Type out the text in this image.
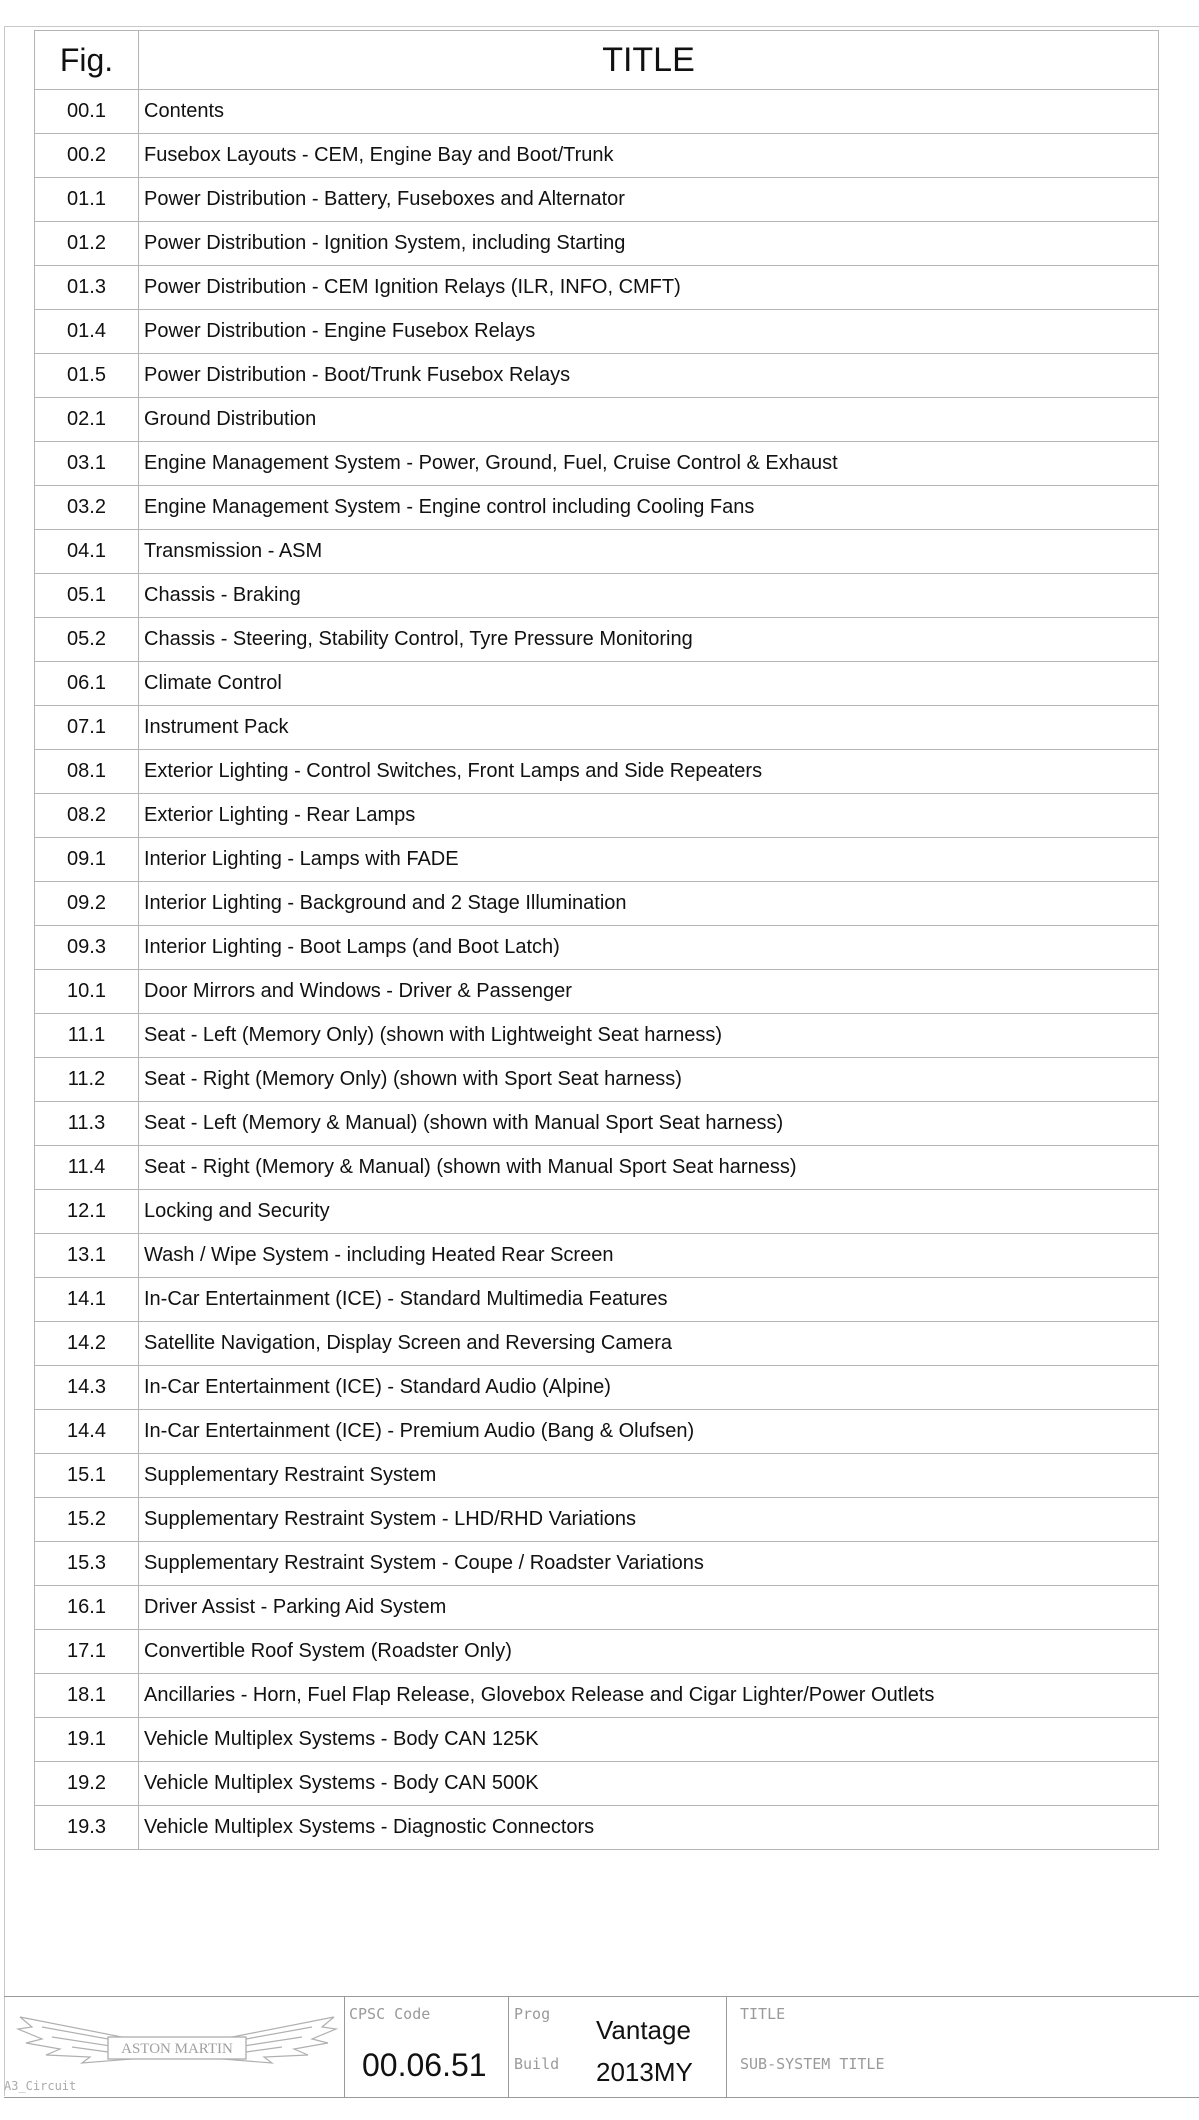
Fig.	TITLE
00.1	Contents
00.2	Fusebox Layouts - CEM, Engine Bay and Boot/Trunk
01.1	Power Distribution - Battery, Fuseboxes and Alternator
01.2	Power Distribution - Ignition System, including Starting
01.3	Power Distribution - CEM Ignition Relays (ILR, INFO, CMFT)
01.4	Power Distribution - Engine Fusebox Relays
01.5	Power Distribution - Boot/Trunk Fusebox Relays
02.1	Ground Distribution
03.1	Engine Management System - Power, Ground, Fuel, Cruise Control & Exhaust
03.2	Engine Management System - Engine control including Cooling Fans
04.1	Transmission - ASM
05.1	Chassis - Braking
05.2	Chassis - Steering, Stability Control, Tyre Pressure Monitoring
06.1	Climate Control
07.1	Instrument Pack
08.1	Exterior Lighting - Control Switches, Front Lamps and Side Repeaters
08.2	Exterior Lighting - Rear Lamps
09.1	Interior Lighting - Lamps with FADE
09.2	Interior Lighting - Background and 2 Stage Illumination
09.3	Interior Lighting - Boot Lamps (and Boot Latch)
10.1	Door Mirrors and Windows - Driver & Passenger
11.1	Seat - Left (Memory Only) (shown with Lightweight Seat harness)
11.2	Seat - Right (Memory Only) (shown with Sport Seat harness)
11.3	Seat - Left (Memory & Manual) (shown with Manual Sport Seat harness)
11.4	Seat - Right (Memory & Manual) (shown with Manual Sport Seat harness)
12.1	Locking and Security
13.1	Wash / Wipe System - including Heated Rear Screen
14.1	In-Car Entertainment (ICE) - Standard Multimedia Features
14.2	Satellite Navigation, Display Screen and Reversing Camera
14.3	In-Car Entertainment (ICE) - Standard Audio (Alpine)
14.4	In-Car Entertainment (ICE) - Premium Audio (Bang & Olufsen)
15.1	Supplementary Restraint System
15.2	Supplementary Restraint System - LHD/RHD Variations
15.3	Supplementary Restraint System - Coupe / Roadster Variations
16.1	Driver Assist - Parking Aid System
17.1	Convertible Roof System (Roadster Only)
18.1	Ancillaries - Horn, Fuel Flap Release, Glovebox Release and Cigar Lighter/Power Outlets
19.1	Vehicle Multiplex Systems - Body CAN 125K
19.2	Vehicle Multiplex Systems - Body CAN 500K
19.3	Vehicle Multiplex Systems - Diagnostic Connectors
ASTON MARTIN
A3_Circuit
CPSC Code
00.06.51
Prog
Vantage
Build 2013MY
TITLE
SUB-SYSTEM TITLE
